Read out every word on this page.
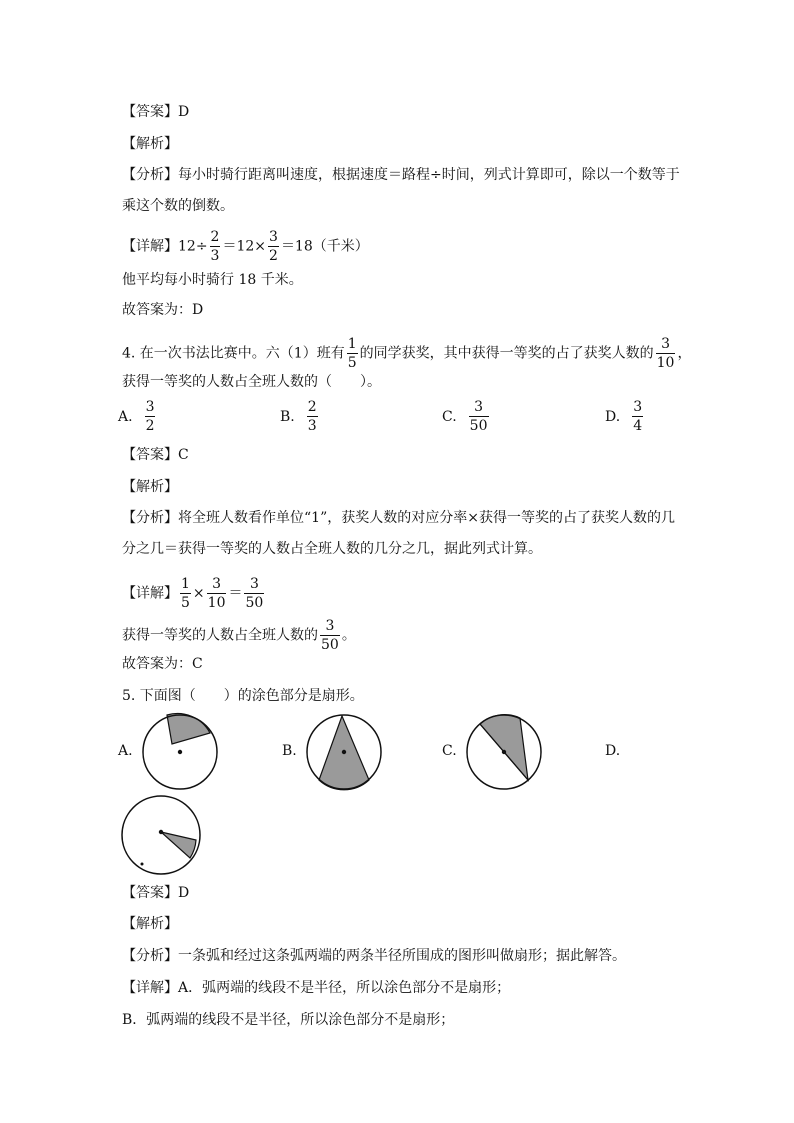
【答案】D
【解析】
【分析】每小时骑行距离叫速度，根据速度＝路程÷时间，列式计算即可，除以一个数等于
乘这个数的倒数。
【详解】$12\div \frac{2}{3} =12\times \frac{3}{2} =18$（千米）
他平均每小时骑行 18 千米。
故答案为：D
4. 在一次书法比赛中。六（1）班有 $\frac{1}{5}$ 的同学获奖，其中获得一等奖的占了获奖人数的 $\frac{3}{10}$ ，
获得一等奖的人数占全班人数的（　　）。
A. $\frac{3}{2}$	B. $\frac{2}{3}$	C. $\frac{3}{50}$	D. $\frac{3}{4}$
【答案】C
【解析】
【分析】将全班人数看作单位“1”，获奖人数的对应分率×获得一等奖的占了获奖人数的几
分之几＝获得一等奖的人数占全班人数的几分之几，据此列式计算。
【详解】 $\frac{1}{5} \times \frac{3}{10} = \frac{3}{50}$
获得一等奖的人数占全班人数的 $\frac{3}{50}$ 。
故答案为：C
5. 下面图（　　）的涂色部分是扇形。
A.	B.	C.	D.
【答案】D
【解析】
【分析】一条弧和经过这条弧两端的两条半径所围成的图形叫做扇形；据此解答。
【详解】A．弧两端的线段不是半径，所以涂色部分不是扇形；
B．弧两端的线段不是半径，所以涂色部分不是扇形；
